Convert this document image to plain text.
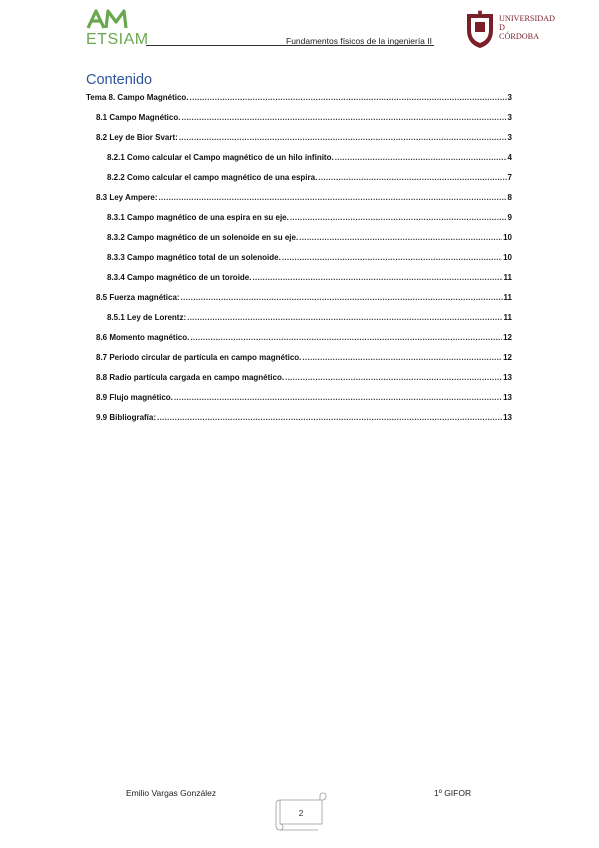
ETSIAM	Fundamentos físicos de la ingeniería II
UNIVERSIDAD
D
CÓRDOBA
Contenido
Tema 8. Campo Magnético. .....	3
8.1 Campo Magnético. .....	3
8.2 Ley de Bior Svart: .....	3
8.2.1 Como calcular el Campo magnético de un hilo infinito. .....	4
8.2.2 Como calcular el campo magnético de una espira. .....	7
8.3 Ley Ampere: .....	8
8.3.1 Campo magnético de una espira en su eje. .....	9
8.3.2 Campo magnético de un solenoide en su eje. .....	10
8.3.3 Campo magnético total de un solenoide. .....	10
8.3.4 Campo magnético de un toroide. .....	11
8.5 Fuerza magnética: .....	11
8.5.1 Ley de Lorentz: .....	11
8.6 Momento magnético. .....	12
8.7 Periodo circular de partícula en campo magnético. .....	12
8.8 Radio partícula cargada en campo magnético. .....	13
8.9 Flujo magnético. .....	13
9.9 Bibliografía: .....	13
Emilio Vargas González	1º GIFOR
2
